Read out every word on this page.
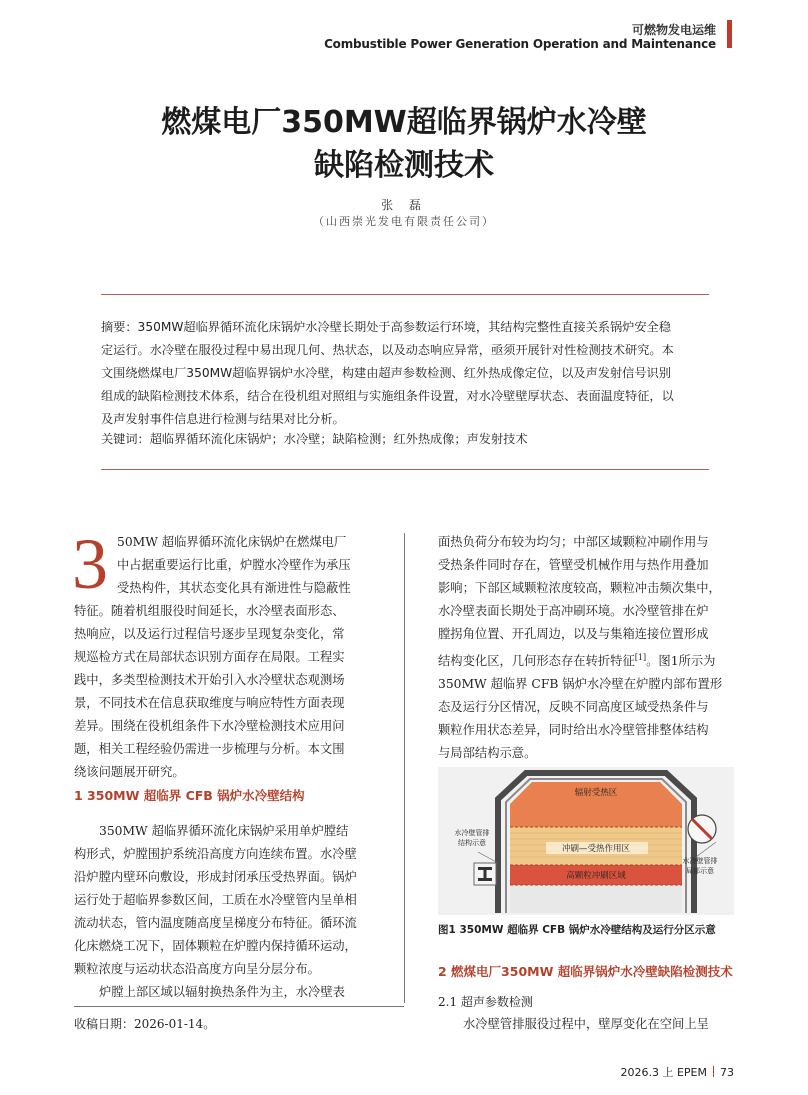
可燃物发电运维
Combustible Power Generation Operation and Maintenance
燃煤电厂350MW超临界锅炉水冷壁
缺陷检测技术
张 磊
（山西崇光发电有限责任公司）
摘要：350MW超临界循环流化床锅炉水冷壁长期处于高参数运行环境，其结构完整性直接关系锅炉安全稳
定运行。水冷壁在服役过程中易出现几何、热状态，以及动态响应异常，亟须开展针对性检测技术研究。本
文围绕燃煤电厂350MW超临界锅炉水冷壁，构建由超声参数检测、红外热成像定位，以及声发射信号识别
组成的缺陷检测技术体系，结合在役机组对照组与实施组条件设置，对水冷壁壁厚状态、表面温度特征，以
及声发射事件信息进行检测与结果对比分析。
关键词：超临界循环流化床锅炉；水冷壁；缺陷检测；红外热成像；声发射技术
3 50MW 超临界循环流化床锅炉在燃煤电厂
中占据重要运行比重，炉膛水冷壁作为承压
受热构件，其状态变化具有渐进性与隐蔽性
特征。随着机组服役时间延长，水冷壁表面形态、
热响应，以及运行过程信号逐步呈现复杂变化，常
规巡检方式在局部状态识别方面存在局限。工程实
践中，多类型检测技术开始引入水冷壁状态观测场
景，不同技术在信息获取维度与响应特性方面表现
差异。围绕在役机组条件下水冷壁检测技术应用问
题，相关工程经验仍需进一步梳理与分析。本文围
绕该问题展开研究。
1 350MW 超临界 CFB 锅炉水冷壁结构
350MW 超临界循环流化床锅炉采用单炉膛结
构形式，炉膛围护系统沿高度方向连续布置。水冷壁
沿炉膛内壁环向敷设，形成封闭承压受热界面。锅炉
运行处于超临界参数区间，工质在水冷壁管内呈单相
流动状态，管内温度随高度呈梯度分布特征。循环流
化床燃烧工况下，固体颗粒在炉膛内保持循环运动，
颗粒浓度与运动状态沿高度方向呈分层分布。
炉膛上部区域以辐射换热条件为主，水冷壁表
收稿日期：2026-01-14。
面热负荷分布较为均匀；中部区域颗粒冲刷作用与
受热条件同时存在，管壁受机械作用与热作用叠加
影响；下部区域颗粒浓度较高，颗粒冲击频次集中，
水冷壁表面长期处于高冲刷环境。水冷壁管排在炉
膛拐角位置、开孔周边，以及与集箱连接位置形成
结构变化区，几何形态存在转折特征[1]。图1所示为
350MW 超临界 CFB 锅炉水冷壁在炉膛内部布置形
态及运行分区情况，反映不同高度区域受热条件与
颗粒作用状态差异，同时给出水冷壁管排整体结构
与局部结构示意。
辐射受热区
冲刷—受热作用区
高颗粒冲刷区域
水冷壁管排
结构示意
水冷壁管排
局部示意
图1 350MW 超临界 CFB 锅炉水冷壁结构及运行分区示意
2 燃煤电厂350MW 超临界锅炉水冷壁缺陷检测技术
2.1 超声参数检测
水冷壁管排服役过程中，壁厚变化在空间上呈
2026.3 上 EPEM 73
